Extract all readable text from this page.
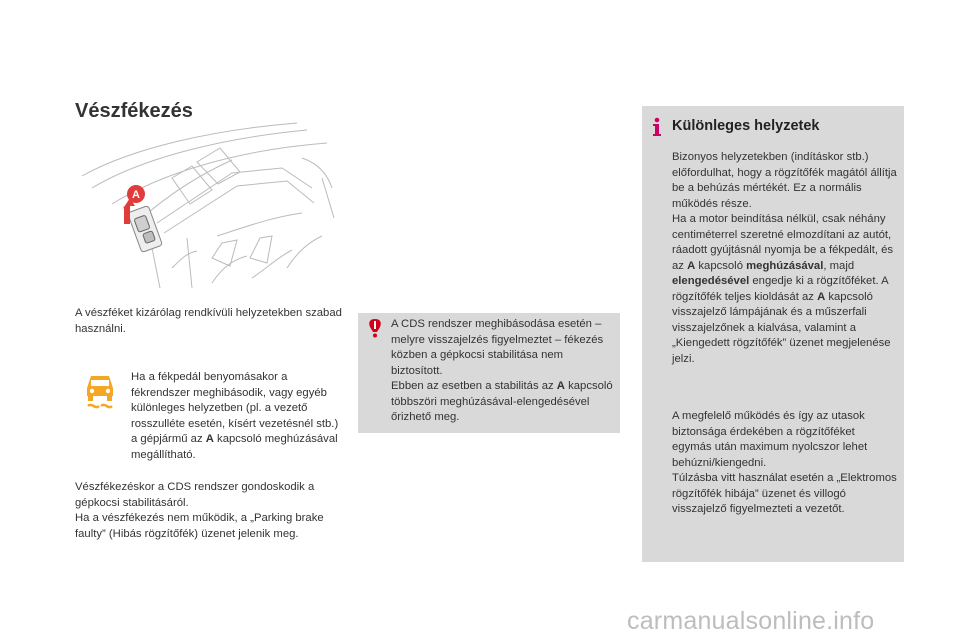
Vészfékezés
A

A vészféket kizárólag rendkívüli helyzetekben szabad használni.

Ha a fékpedál benyomásakor a fékrendszer meghibásodik, vagy egyéb különleges helyzetben (pl. a vezető rosszulléte esetén, kísért vezetésnél stb.) a gépjármű az A kapcsoló meghúzásával megállítható.

Vészfékezéskor a CDS rendszer gondoskodik a gépkocsi stabilitásáról.
Ha a vészfékezés nem működik, a „Parking brake faulty” (Hibás rögzítőfék) üzenet jelenik meg.

A CDS rendszer meghibásodása esetén – melyre visszajelzés figyelmeztet – fékezés közben a gépkocsi stabilitása nem biztosított.
Ebben az esetben a stabilitás az A kapcsoló többszöri meghúzásával-elengedésével őrizhető meg.

Különleges helyzetek

Bizonyos helyzetekben (indításkor stb.) előfordulhat, hogy a rögzítőfék magától állítja be a behúzás mértékét. Ez a normális működés része.
Ha a motor beindítása nélkül, csak néhány centiméterrel szeretné elmozdítani az autót, ráadott gyújtásnál nyomja be a fékpedált, és az A kapcsoló meghúzásával, majd elengedésével engedje ki a rögzítőféket. A rögzítőfék teljes kioldását az A kapcsoló visszajelző lámpájának és a műszerfali visszajelzőnek a kialvása, valamint a „Kiengedett rögzítőfék” üzenet megjelenése jelzi.

A megfelelő működés és így az utasok biztonsága érdekében a rögzítőféket egymás után maximum nyolcszor lehet behúzni/kiengedni.
Túlzásba vitt használat esetén a „Elektromos rögzítőfék hibája” üzenet és villogó visszajelző figyelmezteti a vezetőt.

carmanualsonline.info
